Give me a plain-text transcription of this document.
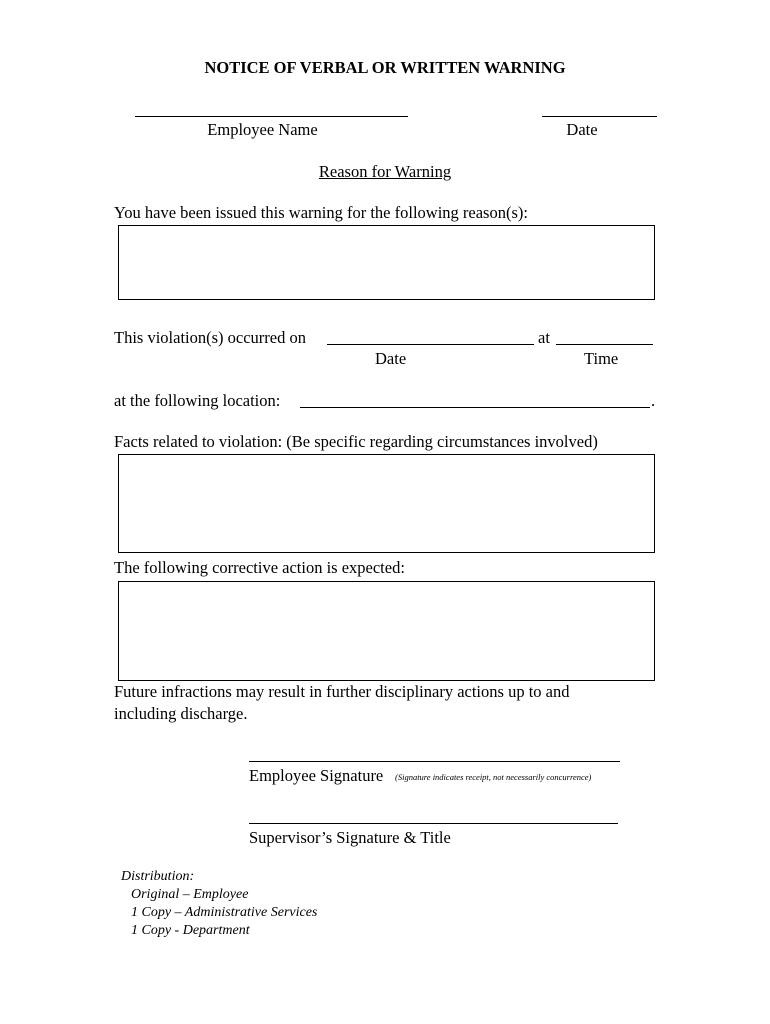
NOTICE OF VERBAL OR WRITTEN WARNING
Employee Name	Date
Reason for Warning
You have been issued this warning for the following reason(s):
This violation(s) occurred on	at
Date	Time
at the following location:	.
Facts related to violation: (Be specific regarding circumstances involved)
The following corrective action is expected:
Future infractions may result in further disciplinary actions up to and
including discharge.
Employee Signature (Signature indicates receipt, not necessarily concurrence)
Supervisor’s Signature & Title
Distribution:
Original – Employee
1 Copy – Administrative Services
1 Copy - Department
